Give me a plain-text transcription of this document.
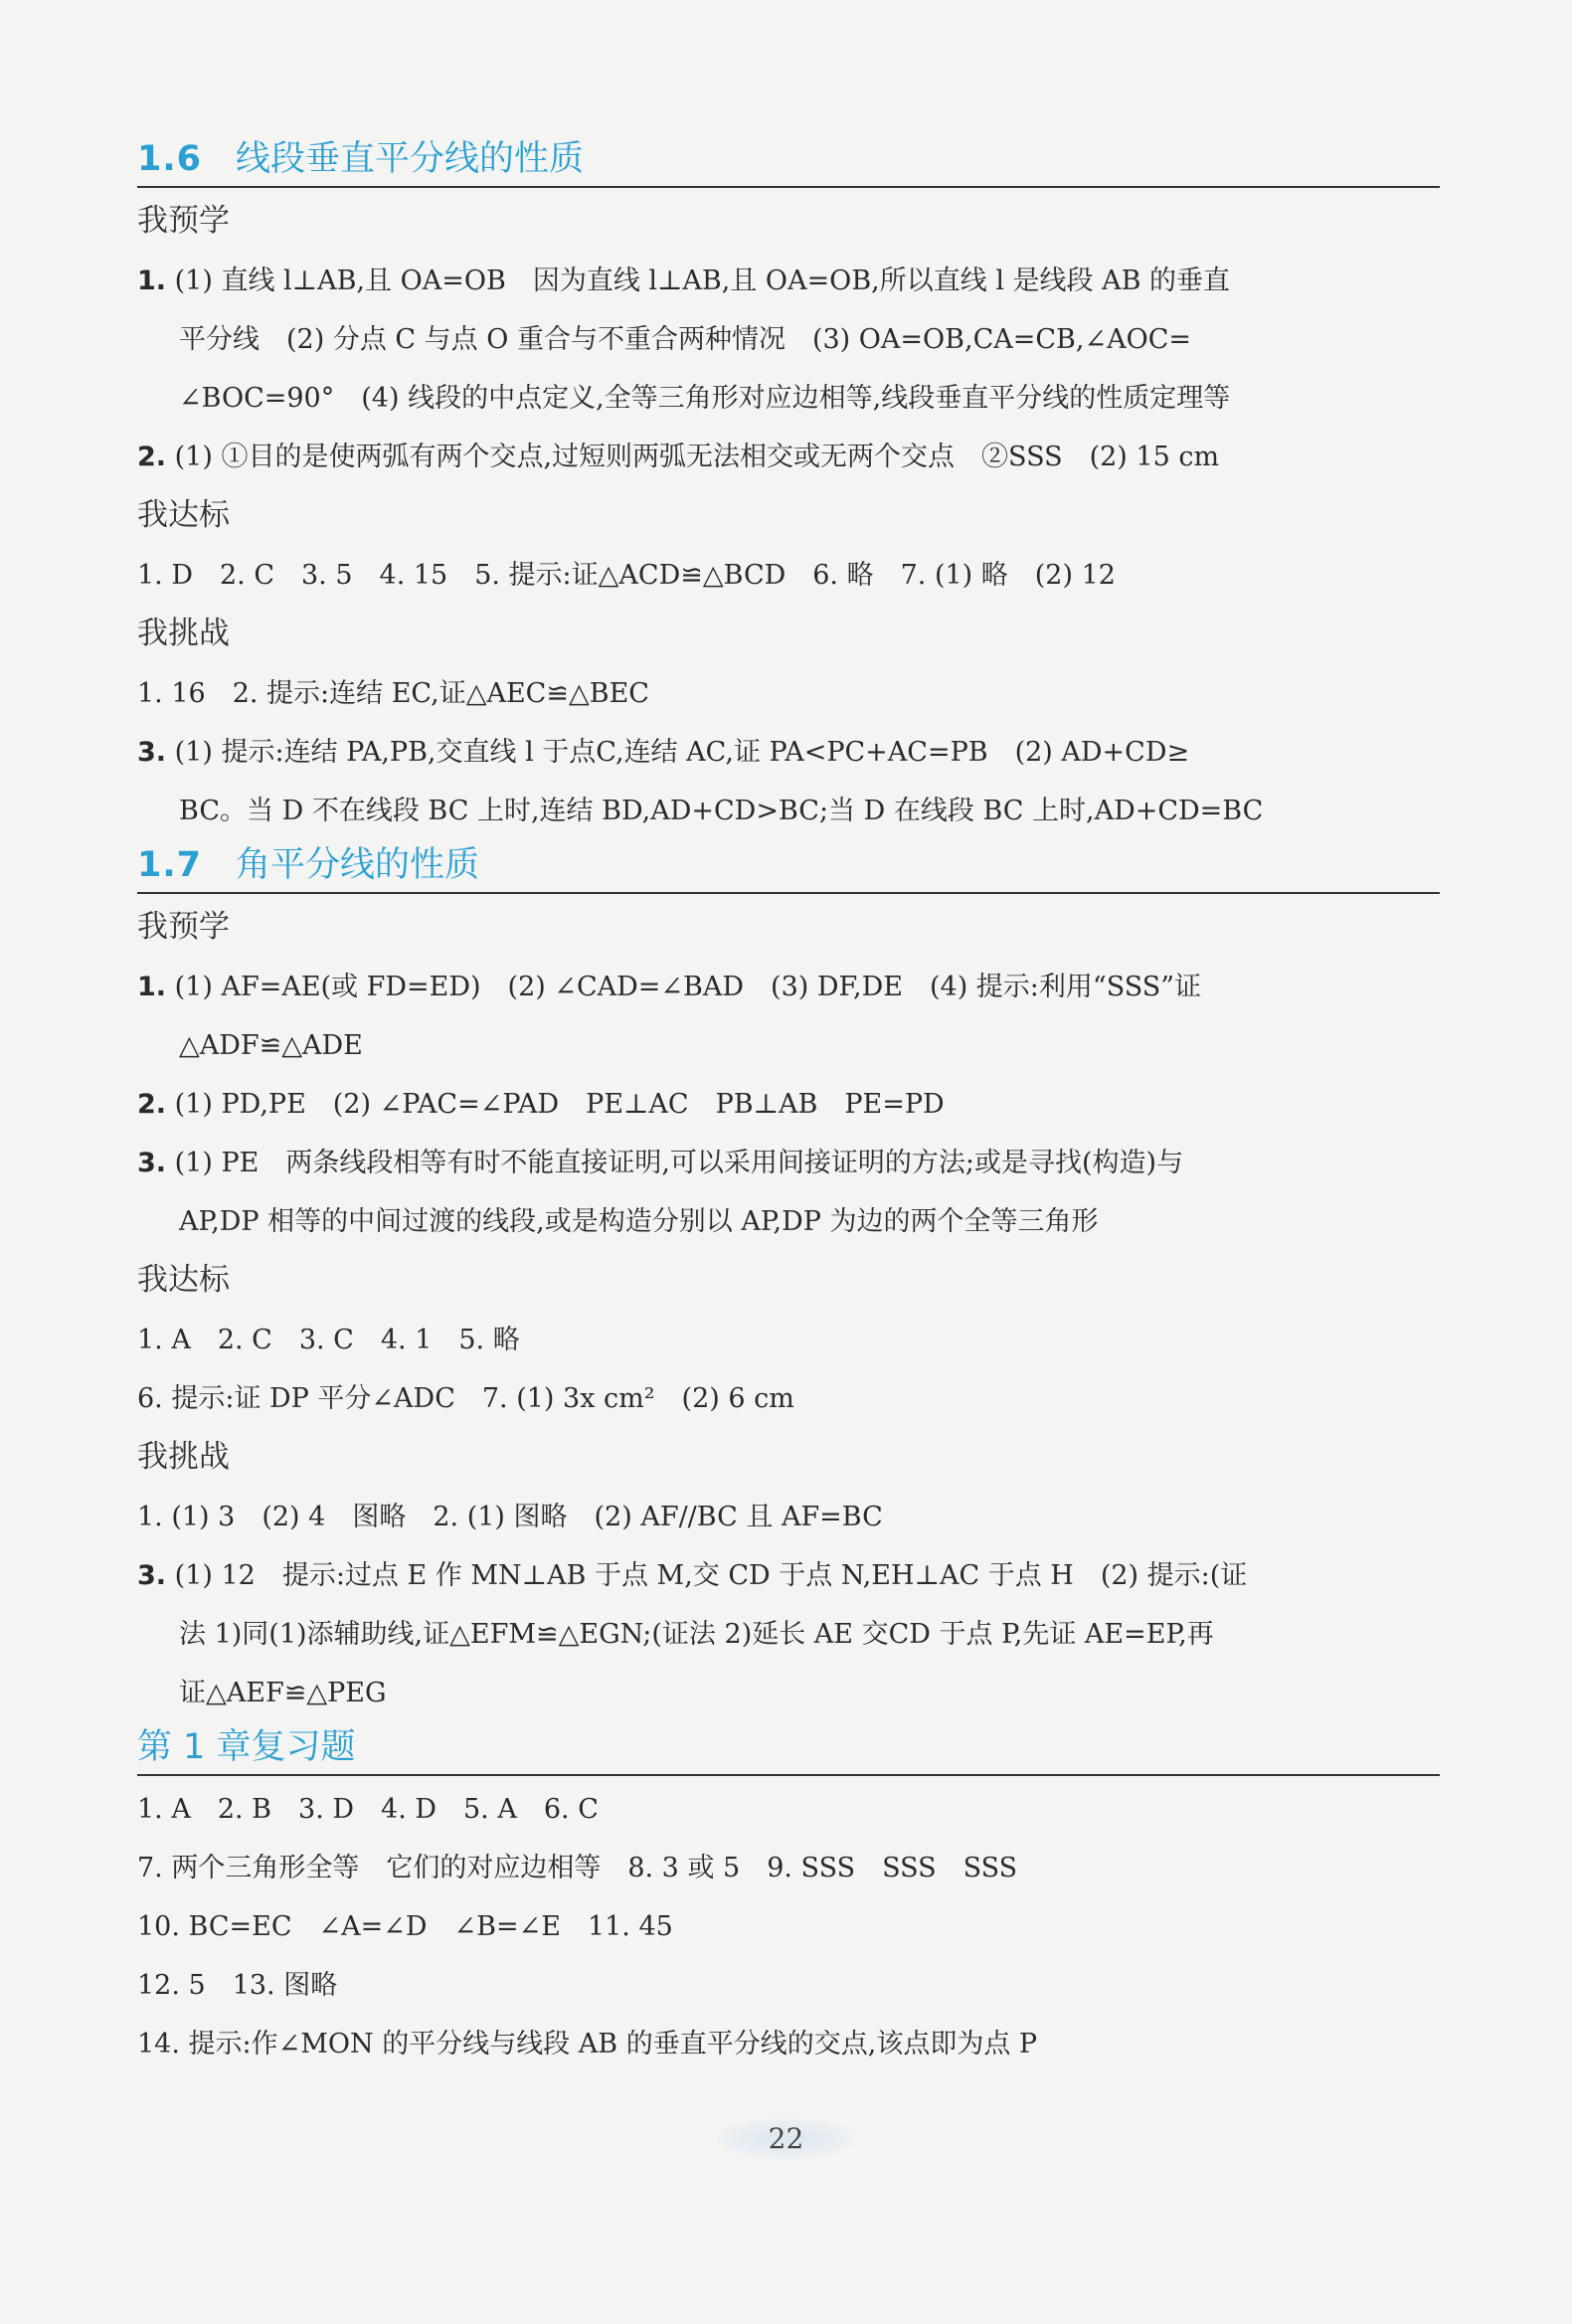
1.6 线段垂直平分线的性质
我预学
1. (1) 直线 l⊥AB,且 OA=OB　因为直线 l⊥AB,且 OA=OB,所以直线 l 是线段 AB 的垂直
平分线　(2) 分点 C 与点 O 重合与不重合两种情况　(3) OA=OB,CA=CB,∠AOC=
∠BOC=90°　(4) 线段的中点定义,全等三角形对应边相等,线段垂直平分线的性质定理等
2. (1) ①目的是使两弧有两个交点,过短则两弧无法相交或无两个交点　②SSS　(2) 15 cm
我达标
1. D　2. C　3. 5　4. 15　5. 提示:证△ACD≌△BCD　6. 略　7. (1) 略　(2) 12
我挑战
1. 16　2. 提示:连结 EC,证△AEC≌△BEC
3. (1) 提示:连结 PA,PB,交直线 l 于点C,连结 AC,证 PA<PC+AC=PB　(2) AD+CD≥
BC。当 D 不在线段 BC 上时,连结 BD,AD+CD>BC;当 D 在线段 BC 上时,AD+CD=BC
1.7 角平分线的性质
我预学
1. (1) AF=AE(或 FD=ED)　(2) ∠CAD=∠BAD　(3) DF,DE　(4) 提示:利用“SSS”证
△ADF≌△ADE
2. (1) PD,PE　(2) ∠PAC=∠PAD　PE⊥AC　PB⊥AB　PE=PD
3. (1) PE　两条线段相等有时不能直接证明,可以采用间接证明的方法;或是寻找(构造)与
AP,DP 相等的中间过渡的线段,或是构造分别以 AP,DP 为边的两个全等三角形
我达标
1. A　2. C　3. C　4. 1　5. 略
6. 提示:证 DP 平分∠ADC　7. (1) 3x cm²　(2) 6 cm
我挑战
1. (1) 3　(2) 4　图略　2. (1) 图略　(2) AF//BC 且 AF=BC
3. (1) 12　提示:过点 E 作 MN⊥AB 于点 M,交 CD 于点 N,EH⊥AC 于点 H　(2) 提示:(证
法 1)同(1)添辅助线,证△EFM≌△EGN;(证法 2)延长 AE 交CD 于点 P,先证 AE=EP,再
证△AEF≌△PEG
第 1 章复习题
1. A　2. B　3. D　4. D　5. A　6. C
7. 两个三角形全等　它们的对应边相等　8. 3 或 5　9. SSS　SSS　SSS
10. BC=EC　∠A=∠D　∠B=∠E　11. 45
12. 5　13. 图略
14. 提示:作∠MON 的平分线与线段 AB 的垂直平分线的交点,该点即为点 P
22
